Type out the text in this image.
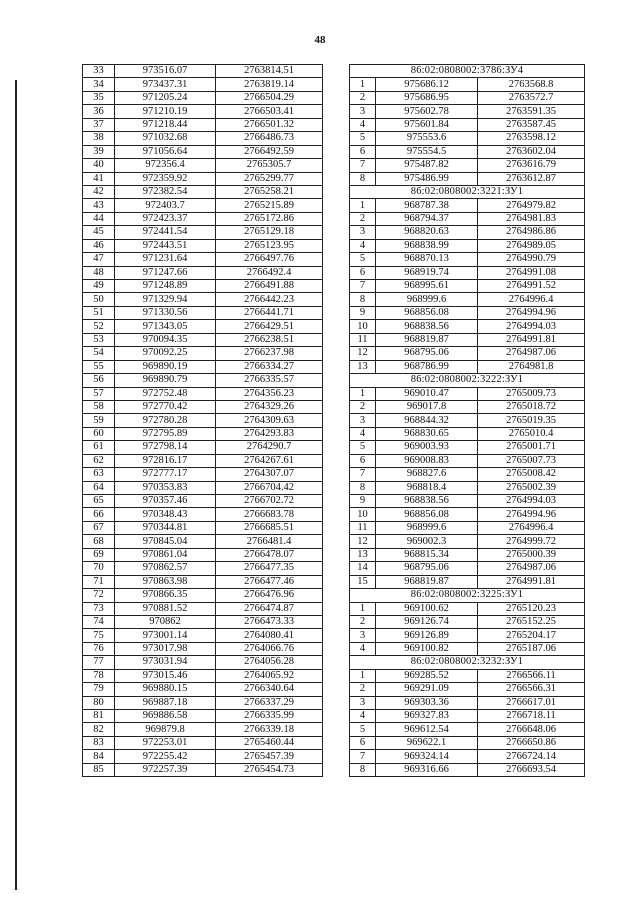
48
33	973516.07	2763814.51
34	973437.31	2763819.14
35	971205.24	2766504.29
36	971210.19	2766503.41
37	971218.44	2766501.32
38	971032.68	2766486.73
39	971056.64	2766492.59
40	972356.4	2765305.7
41	972359.92	2765299.77
42	972382.54	2765258.21
43	972403.7	2765215.89
44	972423.37	2765172.86
45	972441.54	2765129.18
46	972443.51	2765123.95
47	971231.64	2766497.76
48	971247.66	2766492.4
49	971248.89	2766491.88
50	971329.94	2766442.23
51	971330.56	2766441.71
52	971343.05	2766429.51
53	970094.35	2766238.51
54	970092.25	2766237.98
55	969890.19	2766334.27
56	969890.79	2766335.57
57	972752.48	2764356.23
58	972770.42	2764329.26
59	972780.28	2764309.63
60	972795.89	2764293.83
61	972798.14	2764290.7
62	972816.17	2764267.61
63	972777.17	2764307.07
64	970353.83	2766704.42
65	970357.46	2766702.72
66	970348.43	2766683.78
67	970344.81	2766685.51
68	970845.04	2766481.4
69	970861.04	2766478.07
70	970862.57	2766477.35
71	970863.98	2766477.46
72	970866.35	2766476.96
73	970881.52	2766474.87
74	970862	2766473.33
75	973001.14	2764080.41
76	973017.98	2764066.76
77	973031.94	2764056.28
78	973015.46	2764065.92
79	969880.15	2766340.64
80	969887.18	2766337.29
81	969886.58	2766335.99
82	969879.8	2766339.18
83	972253.01	2765460.44
84	972255.42	2765457.39
85	972257.39	2765454.73
86:02:0808002:3786:ЗУ4		
1	975686.12	2763568.8
2	975686.95	2763572.7
3	975602.78	2763591.35
4	975601.84	2763587.45
5	975553.6	2763598.12
6	975554.5	2763602.04
7	975487.82	2763616.79
8	975486.99	2763612.87
86:02:0808002:3221:ЗУ1		
1	968787.38	2764979.82
2	968794.37	2764981.83
3	968820.63	2764986.86
4	968838.99	2764989.05
5	968870.13	2764990.79
6	968919.74	2764991.08
7	968995.61	2764991.52
8	968999.6	2764996.4
9	968856.08	2764994.96
10	968838.56	2764994.03
11	968819.87	2764991.81
12	968795.06	2764987.06
13	968786.99	2764981.8
86:02:0808002:3222:ЗУ1		
1	969010.47	2765009.73
2	969017.8	2765018.72
3	968844.32	2765019.35
4	968830.65	2765010.4
5	969003.93	2765001.71
6	969008.83	2765007.73
7	968827.6	2765008.42
8	968818.4	2765002.39
9	968838.56	2764994.03
10	968856.08	2764994.96
11	968999.6	2764996.4
12	969002.3	2764999.72
13	968815.34	2765000.39
14	968795.06	2764987.06
15	968819.87	2764991.81
86:02:0808002:3225:ЗУ1		
1	969100.62	2765120.23
2	969126.74	2765152.25
3	969126.89	2765204.17
4	969100.82	2765187.06
86:02:0808002:3232:ЗУ1		
1	969285.52	2766566.11
2	969291.09	2766566.31
3	969303.36	2766617.01
4	969327.83	2766718.11
5	969612.54	2766648.06
6	969622.1	2766650.86
7	969324.14	2766724.14
8	969316.66	2766693.54
